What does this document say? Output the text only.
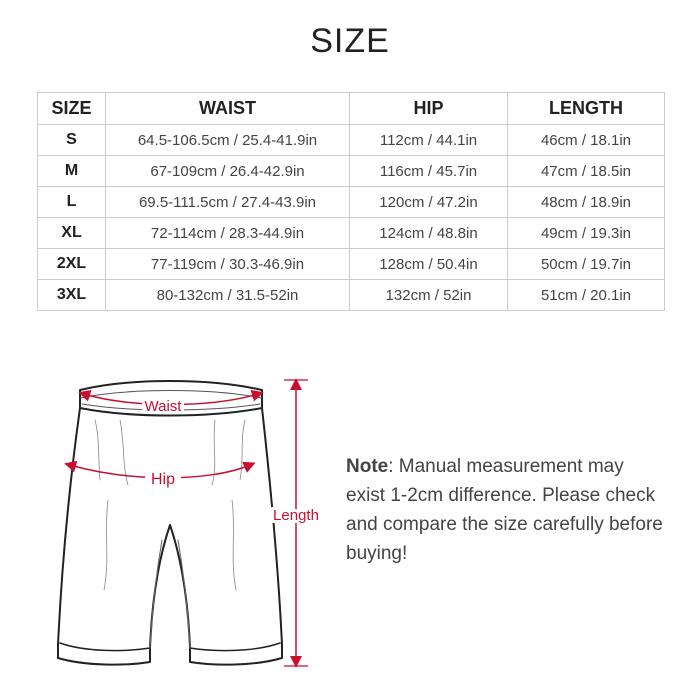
SIZE
SIZE	WAIST	HIP	LENGTH
S	64.5-106.5cm / 25.4-41.9in	112cm / 44.1in	46cm / 18.1in
M	67-109cm / 26.4-42.9in	116cm / 45.7in	47cm / 18.5in
L	69.5-111.5cm / 27.4-43.9in	120cm / 47.2in	48cm / 18.9in
XL	72-114cm / 28.3-44.9in	124cm / 48.8in	49cm / 19.3in
2XL	77-119cm / 30.3-46.9in	128cm / 50.4in	50cm / 19.7in
3XL	80-132cm / 31.5-52in	132cm / 52in	51cm / 20.1in
Waist
Hip
Length
Note: Manual measurement may exist 1-2cm difference. Please check and compare the size carefully before buying!
